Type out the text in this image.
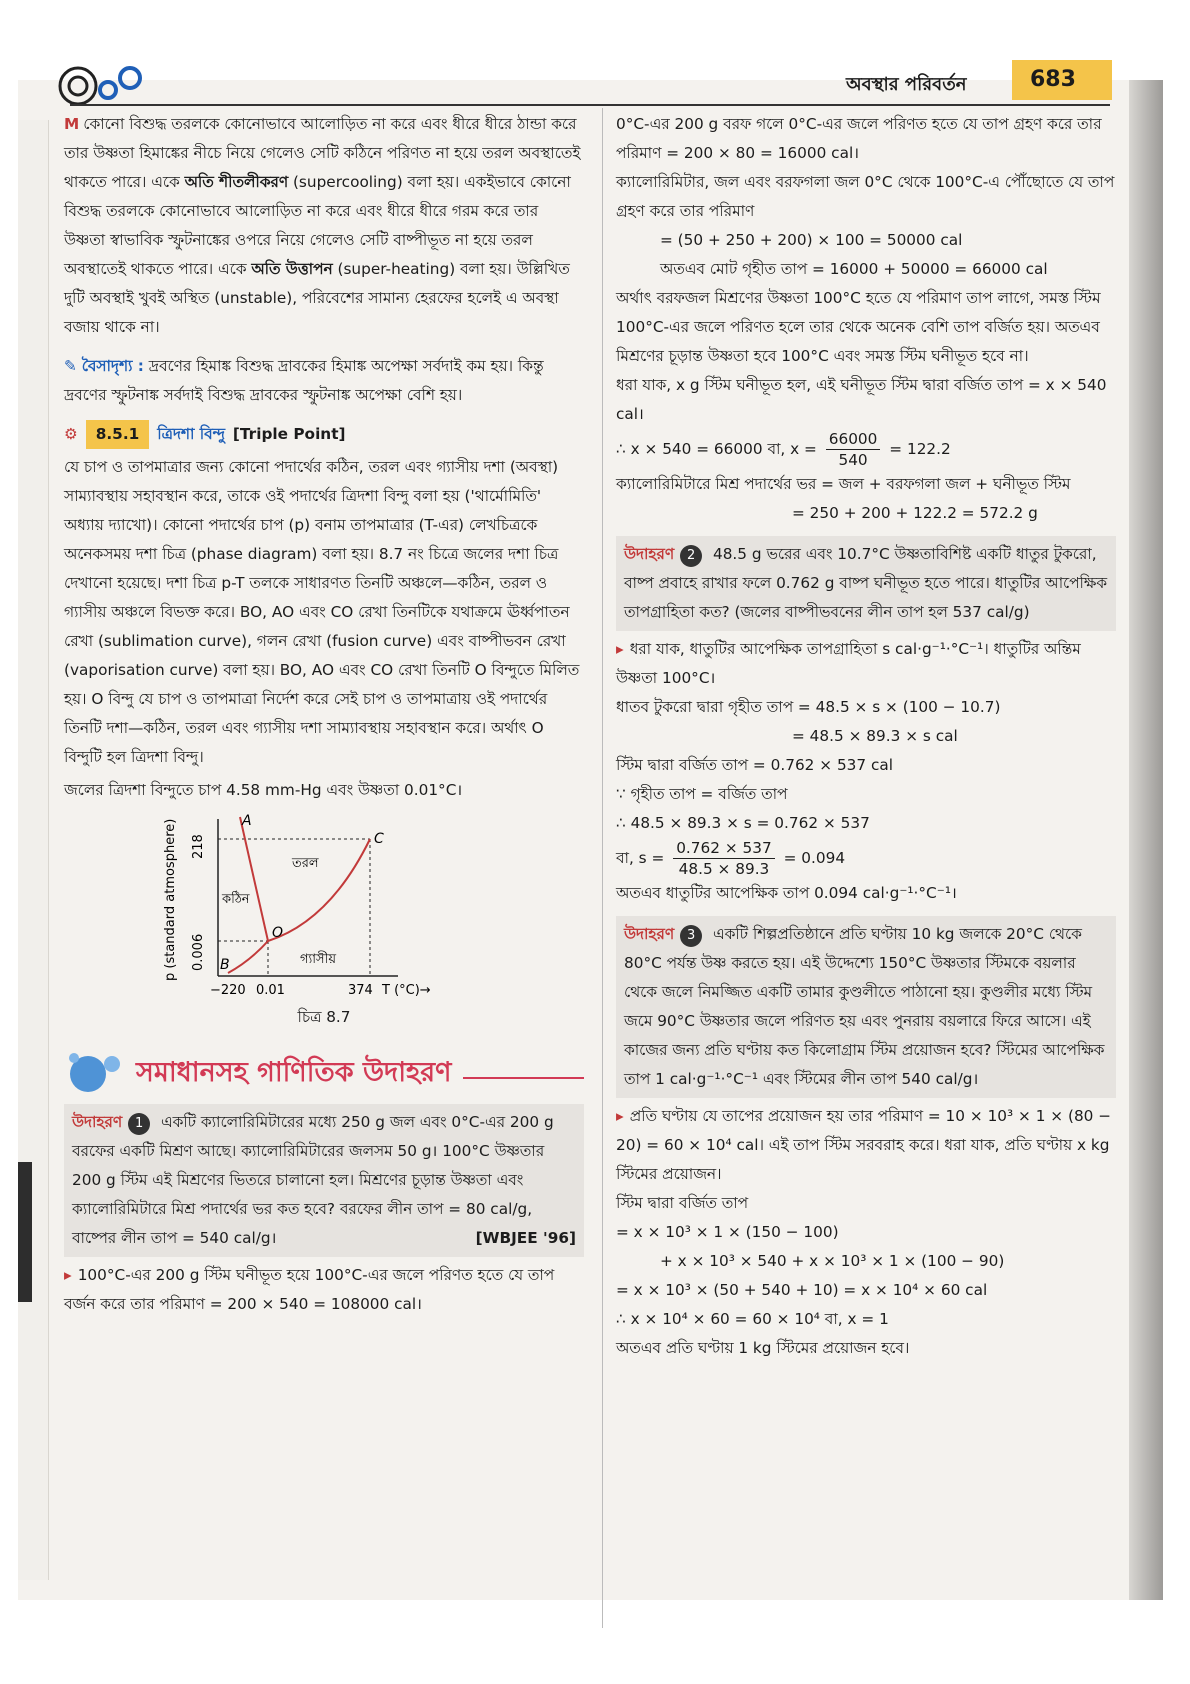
অবস্থার পরিবর্তন	683

M কোনো বিশুদ্ধ তরলকে কোনোভাবে আলোড়িত না করে এবং ধীরে ধীরে ঠান্ডা করে তার উষ্ণতা হিমাঙ্কের নীচে নিয়ে গেলেও সেটি কঠিনে পরিণত না হয়ে তরল অবস্থাতেই থাকতে পারে। একে অতি শীতলীকরণ (supercooling) বলা হয়। একইভাবে কোনো বিশুদ্ধ তরলকে কোনোভাবে আলোড়িত না করে এবং ধীরে ধীরে গরম করে তার উষ্ণতা স্বাভাবিক স্ফুটনাঙ্কের ওপরে নিয়ে গেলেও সেটি বাষ্পীভূত না হয়ে তরল অবস্থাতেই থাকতে পারে। একে অতি উত্তাপন (super-heating) বলা হয়। উল্লিখিত দুটি অবস্থাই খুবই অস্থিত (unstable), পরিবেশের সামান্য হেরফের হলেই এ অবস্থা বজায় থাকে না।

✎ বৈসাদৃশ্য : দ্রবণের হিমাঙ্ক বিশুদ্ধ দ্রাবকের হিমাঙ্ক অপেক্ষা সর্বদাই কম হয়। কিন্তু দ্রবণের স্ফুটনাঙ্ক সর্বদাই বিশুদ্ধ দ্রাবকের স্ফুটনাঙ্ক অপেক্ষা বেশি হয়।

⚙	8.5.1	ত্রিদশা বিন্দু [Triple Point]

যে চাপ ও তাপমাত্রার জন্য কোনো পদার্থের কঠিন, তরল এবং গ্যাসীয় দশা (অবস্থা) সাম্যাবস্থায় সহাবস্থান করে, তাকে ওই পদার্থের ত্রিদশা বিন্দু বলা হয় ('থার্মোমিতি' অধ্যায় দ্যাখো)। কোনো পদার্থের চাপ (p) বনাম তাপমাত্রার (T-এর) লেখচিত্রকে অনেকসময় দশা চিত্র (phase diagram) বলা হয়। 8.7 নং চিত্রে জলের দশা চিত্র দেখানো হয়েছে। দশা চিত্র p-T তলকে সাধারণত তিনটি অঞ্চলে—কঠিন, তরল ও গ্যাসীয় অঞ্চলে বিভক্ত করে। BO, AO এবং CO রেখা তিনটিকে যথাক্রমে ঊর্ধ্বপাতন রেখা (sublimation curve), গলন রেখা (fusion curve) এবং বাষ্পীভবন রেখা (vaporisation curve) বলা হয়। BO, AO এবং CO রেখা তিনটি O বিন্দুতে মিলিত হয়। O বিন্দু যে চাপ ও তাপমাত্রা নির্দেশ করে সেই চাপ ও তাপমাত্রায় ওই পদার্থের তিনটি দশা—কঠিন, তরল এবং গ্যাসীয় দশা সাম্যাবস্থায় সহাবস্থান করে। অর্থাৎ O বিন্দুটি হল ত্রিদশা বিন্দু।

জলের ত্রিদশা বিন্দুতে চাপ 4.58 mm-Hg এবং উষ্ণতা 0.01°C।

p (standard atmosphere) 0.006
218
A
B
C
O
কঠিন
তরল
গ্যাসীয়
−220 0.01	374 T (°C)→
চিত্র 8.7
সমাধানসহ গাণিতিক উদাহরণ
উদাহরণ 1 একটি ক্যালোরিমিটারের মধ্যে 250 g জল এবং 0°C-এর 200 g বরফের একটি মিশ্রণ আছে। ক্যালোরিমিটারের জলসম 50 g। 100°C উষ্ণতার 200 g স্টিম এই মিশ্রণের ভিতরে চালানো হল। মিশ্রণের চূড়ান্ত উষ্ণতা এবং ক্যালোরিমিটারে মিশ্র পদার্থের ভর কত হবে? বরফের লীন তাপ = 80 cal/g, বাষ্পের লীন তাপ = 540 cal/g।	[WBJEE '96]

▸ 100°C-এর 200 g স্টিম ঘনীভূত হয়ে 100°C-এর জলে পরিণত হতে যে তাপ বর্জন করে তার পরিমাণ = 200 × 540 = 108000 cal।

0°C-এর 200 g বরফ গলে 0°C-এর জলে পরিণত হতে যে তাপ গ্রহণ করে তার পরিমাণ = 200 × 80 = 16000 cal।

ক্যালোরিমিটার, জল এবং বরফগলা জল 0°C থেকে 100°C-এ পৌঁছোতে যে তাপ গ্রহণ করে তার পরিমাণ

= (50 + 250 + 200) × 100 = 50000 cal

অতএব মোট গৃহীত তাপ = 16000 + 50000 = 66000 cal

অর্থাৎ বরফজল মিশ্রণের উষ্ণতা 100°C হতে যে পরিমাণ তাপ লাগে, সমস্ত স্টিম 100°C-এর জলে পরিণত হলে তার থেকে অনেক বেশি তাপ বর্জিত হয়। অতএব মিশ্রণের চূড়ান্ত উষ্ণতা হবে 100°C এবং সমস্ত স্টিম ঘনীভূত হবে না।

ধরা যাক, x g স্টিম ঘনীভূত হল, এই ঘনীভূত স্টিম দ্বারা বর্জিত তাপ = x × 540 cal।

∴ x × 540 = 66000 বা, $x = \frac{66000}{540} = 122.2$

ক্যালোরিমিটারে মিশ্র পদার্থের ভর = জল + বরফগলা জল + ঘনীভূত স্টিম

= 250 + 200 + 122.2 = 572.2 g

উদাহরণ 2 48.5 g ভরের এবং 10.7°C উষ্ণতাবিশিষ্ট একটি ধাতুর টুকরো, বাষ্প প্রবাহে রাখার ফলে 0.762 g বাষ্প ঘনীভূত হতে পারে। ধাতুটির আপেক্ষিক তাপগ্রাহিতা কত? (জলের বাষ্পীভবনের লীন তাপ হল 537 cal/g)

▸ ধরা যাক, ধাতুটির আপেক্ষিক তাপগ্রাহিতা s cal·g⁻¹·°C⁻¹। ধাতুটির অন্তিম উষ্ণতা 100°C।

ধাতব টুকরো দ্বারা গৃহীত তাপ = 48.5 × s × (100 − 10.7)

= 48.5 × 89.3 × s cal

স্টিম দ্বারা বর্জিত তাপ = 0.762 × 537 cal

∵ গৃহীত তাপ = বর্জিত তাপ

∴ 48.5 × 89.3 × s = 0.762 × 537

বা, $s = \frac{0.762 \times 537}{48.5 \times 89.3} = 0.094$

অতএব ধাতুটির আপেক্ষিক তাপ 0.094 cal·g⁻¹·°C⁻¹।

উদাহরণ 3 একটি শিল্পপ্রতিষ্ঠানে প্রতি ঘণ্টায় 10 kg জলকে 20°C থেকে 80°C পর্যন্ত উষ্ণ করতে হয়। এই উদ্দেশ্যে 150°C উষ্ণতার স্টিমকে বয়লার থেকে জলে নিমজ্জিত একটি তামার কুণ্ডলীতে পাঠানো হয়। কুণ্ডলীর মধ্যে স্টিম জমে 90°C উষ্ণতার জলে পরিণত হয় এবং পুনরায় বয়লারে ফিরে আসে। এই কাজের জন্য প্রতি ঘণ্টায় কত কিলোগ্রাম স্টিম প্রয়োজন হবে? স্টিমের আপেক্ষিক তাপ 1 cal·g⁻¹·°C⁻¹ এবং স্টিমের লীন তাপ 540 cal/g।

▸ প্রতি ঘণ্টায় যে তাপের প্রয়োজন হয় তার পরিমাণ = 10 × 10³ × 1 × (80 − 20) = 60 × 10⁴ cal। এই তাপ স্টিম সরবরাহ করে। ধরা যাক, প্রতি ঘণ্টায় x kg স্টিমের প্রয়োজন।

স্টিম দ্বারা বর্জিত তাপ

= x × 10³ × 1 × (150 − 100)

+ x × 10³ × 540 + x × 10³ × 1 × (100 − 90)

= x × 10³ × (50 + 540 + 10) = x × 10⁴ × 60 cal

∴ x × 10⁴ × 60 = 60 × 10⁴ বা, x = 1

অতএব প্রতি ঘণ্টায় 1 kg স্টিমের প্রয়োজন হবে।
